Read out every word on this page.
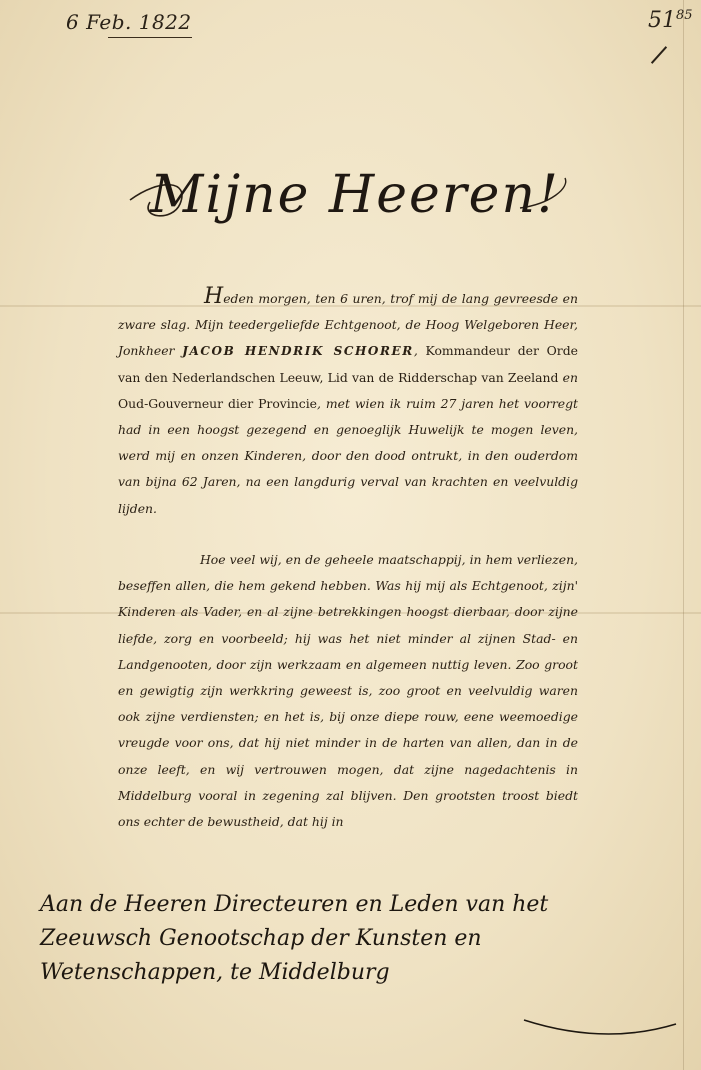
6 Feb. 1822	51 85
Mijne Heeren!

Heden morgen, ten 6 uren, trof mij de lang gevreesde en zware slag. Mijn teedergeliefde Echtgenoot, de Hoog Welgeboren Heer, Jonkheer JACOB HENDRIK SCHORER, Kommandeur der Orde van den Nederlandschen Leeuw, Lid van de Ridderschap van Zeeland en Oud-Gouverneur dier Provincie, met wien ik ruim 27 jaren het voorregt had in een hoogst gezegend en genoeglijk Huwelijk te mogen leven, werd mij en onzen Kinderen, door den dood ontrukt, in den ouderdom van bijna 62 Jaren, na een langdurig verval van krachten en veelvuldig lijden.

Hoe veel wij, en de geheele maatschappij, in hem verliezen, beseffen allen, die hem gekend hebben. Was hij mij als Echtgenoot, zijn' Kinderen als Vader, en al zijne betrekkingen hoogst dierbaar, door zijne liefde, zorg en voorbeeld; hij was het niet minder al zijnen Stad- en Landgenooten, door zijn werkzaam en algemeen nuttig leven. Zoo groot en gewigtig zijn werkkring geweest is, zoo groot en veelvuldig waren ook zijne verdiensten; en het is, bij onze diepe rouw, eene weemoedige vreugde voor ons, dat hij niet minder in de harten van allen, dan in de onze leeft, en wij vertrouwen mogen, dat zijne nagedachtenis in Middelburg vooral in zegening zal blijven. Den grootsten troost biedt ons echter de bewustheid, dat hij in

Aan de Heeren Directeuren en Leden van het
Zeeuwsch Genootschap der Kunsten en
Wetenschappen, te Middelburg
